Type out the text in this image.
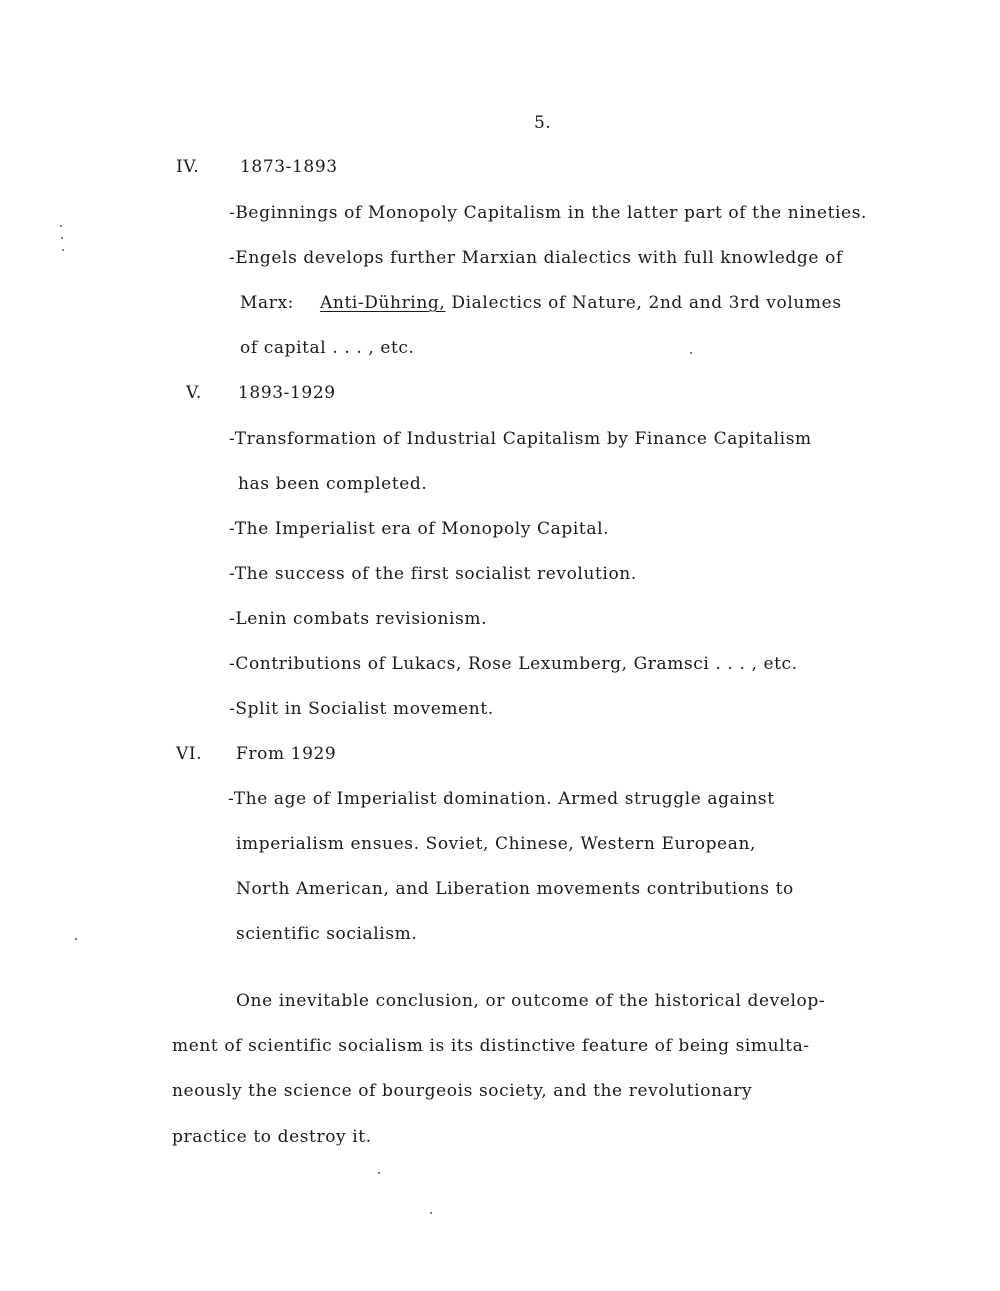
5.
IV. 1873-1893
-Beginnings of Monopoly Capitalism in the latter part of the nineties.
-Engels develops further Marxian dialectics with full knowledge of
Marx: Anti-Dühring, Dialectics of Nature, 2nd and 3rd volumes
of capital . . . , etc.
V. 1893-1929
-Transformation of Industrial Capitalism by Finance Capitalism
has been completed.
-The Imperialist era of Monopoly Capital.
-The success of the first socialist revolution.
-Lenin combats revisionism.
-Contributions of Lukacs, Rose Lexumberg, Gramsci . . . , etc.
-Split in Socialist movement.
VI. From 1929
-The age of Imperialist domination. Armed struggle against
imperialism ensues. Soviet, Chinese, Western European,
North American, and Liberation movements contributions to
scientific socialism.
One inevitable conclusion, or outcome of the historical develop-
ment of scientific socialism is its distinctive feature of being simulta-
neously the science of bourgeois society, and the revolutionary
practice to destroy it.
